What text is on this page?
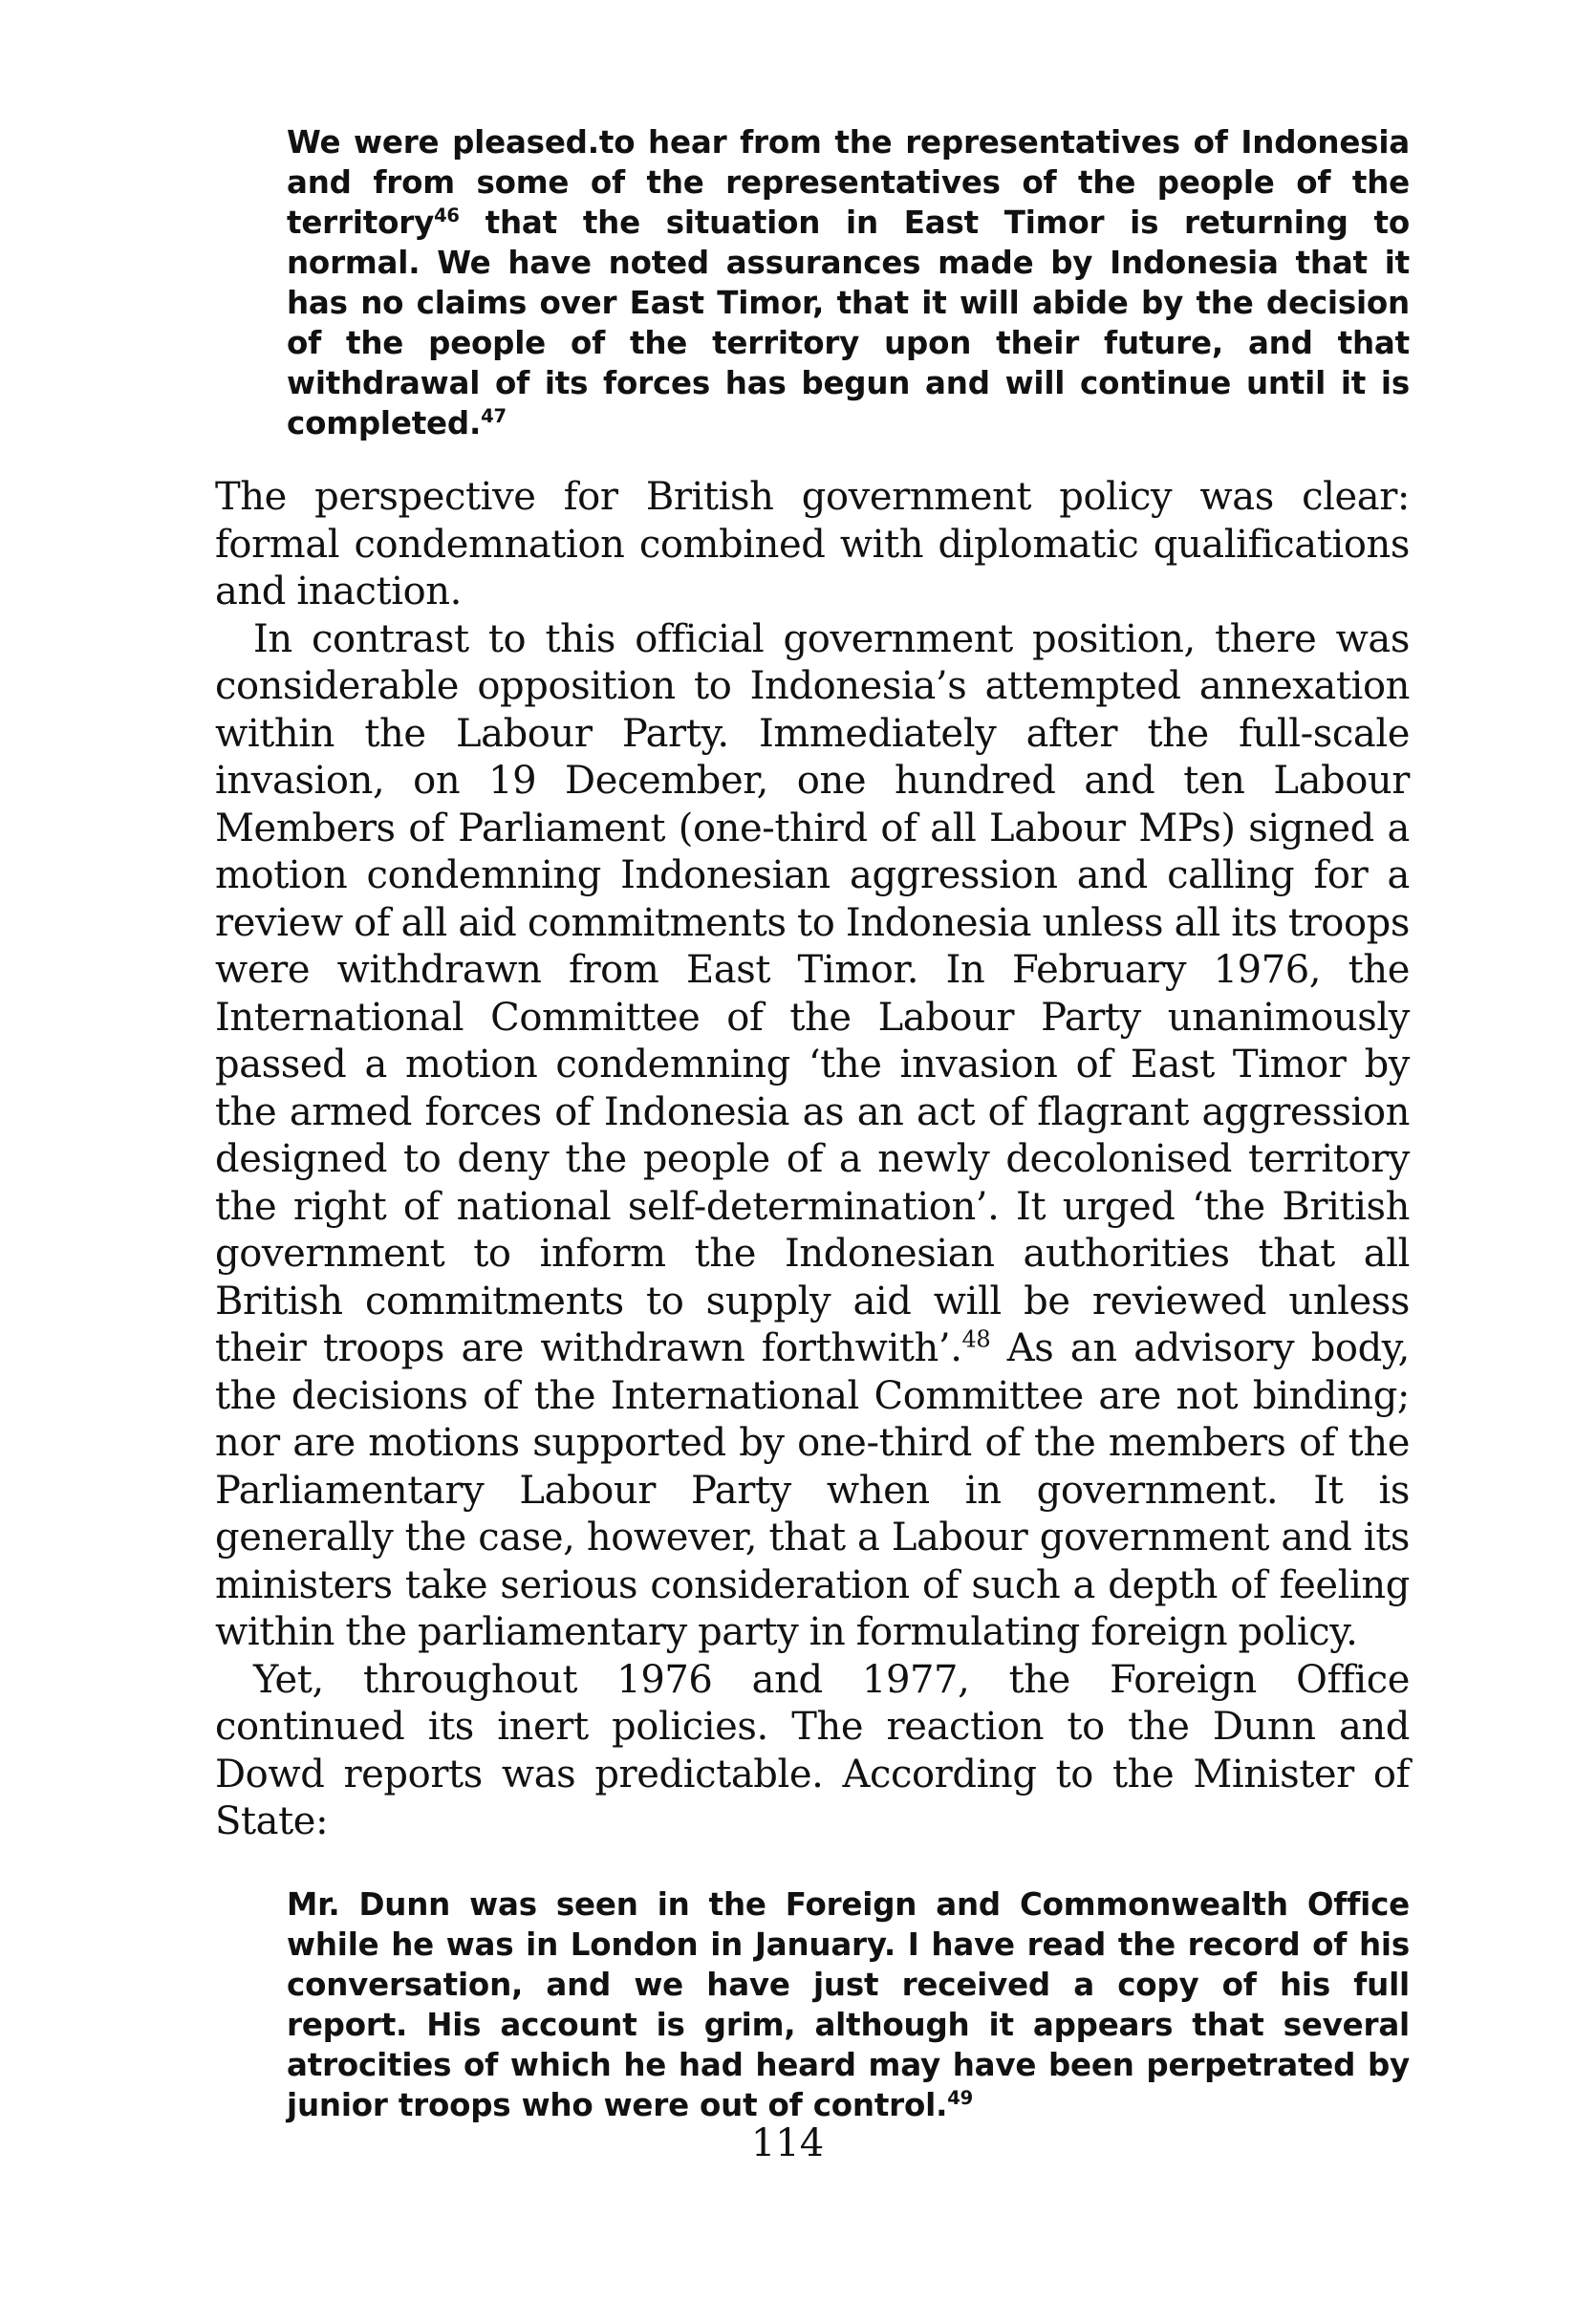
We were pleased.to hear from the representatives of Indonesia and from some of the representatives of the people of the territory$^{46}$ that the situation in East Timor is returning to normal. We have noted assurances made by Indonesia that it has no claims over East Timor, that it will abide by the decision of the people of the territory upon their future, and that withdrawal of its forces has begun and will continue until it is completed.$^{47}$

The perspective for British government policy was clear: formal condemnation combined with diplomatic qualifications and inaction.

In contrast to this official government position, there was considerable opposition to Indonesia’s attempted annexation within the Labour Party. Immediately after the full-scale invasion, on 19 December, one hundred and ten Labour Members of Parliament (one-third of all Labour MPs) signed a motion condemning Indonesian aggression and calling for a review of all aid commitments to Indonesia unless all its troops were withdrawn from East Timor. In February 1976, the International Committee of the Labour Party unanimously passed a motion condemning ‘the invasion of East Timor by the armed forces of Indonesia as an act of flagrant aggression designed to deny the people of a newly decolonised territory the right of national self-determination’. It urged ‘the British government to inform the Indonesian authorities that all British commitments to supply aid will be reviewed unless their troops are withdrawn forthwith’.$^{48}$ As an advisory body, the decisions of the International Committee are not binding; nor are motions supported by one-third of the members of the Parliamentary Labour Party when in government. It is generally the case, however, that a Labour government and its ministers take serious consideration of such a depth of feeling within the parliamentary party in formulating foreign policy.

Yet, throughout 1976 and 1977, the Foreign Office continued its inert policies. The reaction to the Dunn and Dowd reports was predictable. According to the Minister of State:

Mr. Dunn was seen in the Foreign and Commonwealth Office while he was in London in January. I have read the record of his conversation, and we have just received a copy of his full report. His account is grim, although it appears that several atrocities of which he had heard may have been perpetrated by junior troops who were out of control.$^{49}$

114
